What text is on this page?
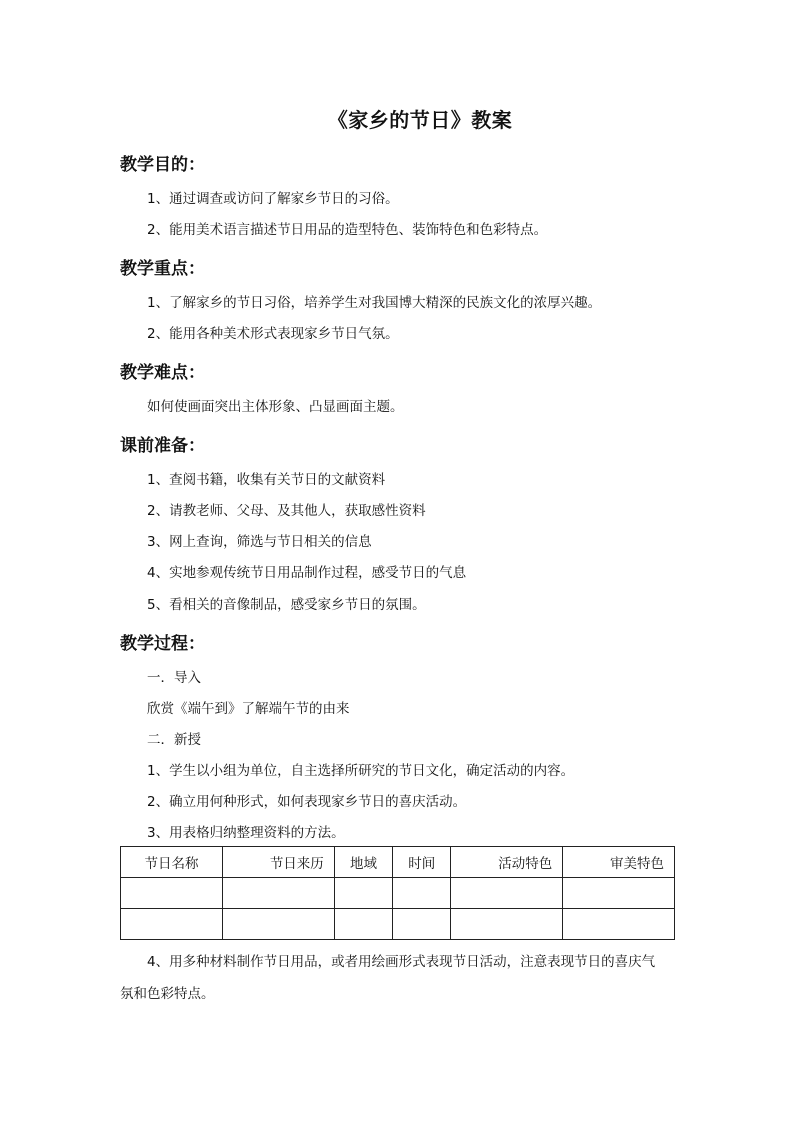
《家乡的节日》教案
教学目的：
1、通过调查或访问了解家乡节日的习俗。
2、能用美术语言描述节日用品的造型特色、装饰特色和色彩特点。
教学重点：
1、了解家乡的节日习俗，培养学生对我国博大精深的民族文化的浓厚兴趣。
2、能用各种美术形式表现家乡节日气氛。
教学难点：
如何使画面突出主体形象、凸显画面主题。
课前准备：
1、查阅书籍，收集有关节日的文献资料
2、请教老师、父母、及其他人，获取感性资料
3、网上查询，筛选与节日相关的信息
4、实地参观传统节日用品制作过程，感受节日的气息
5、看相关的音像制品，感受家乡节日的氛围。
教学过程：
一．导入
欣赏《端午到》了解端午节的由来
二．新授
1、学生以小组为单位，自主选择所研究的节日文化，确定活动的内容。
2、确立用何种形式，如何表现家乡节日的喜庆活动。
3、用表格归纳整理资料的方法。
节日名称	节日来历	地域	时间	活动特色	审美特色

4、用多种材料制作节日用品，或者用绘画形式表现节日活动，注意表现节日的喜庆气
氛和色彩特点。
